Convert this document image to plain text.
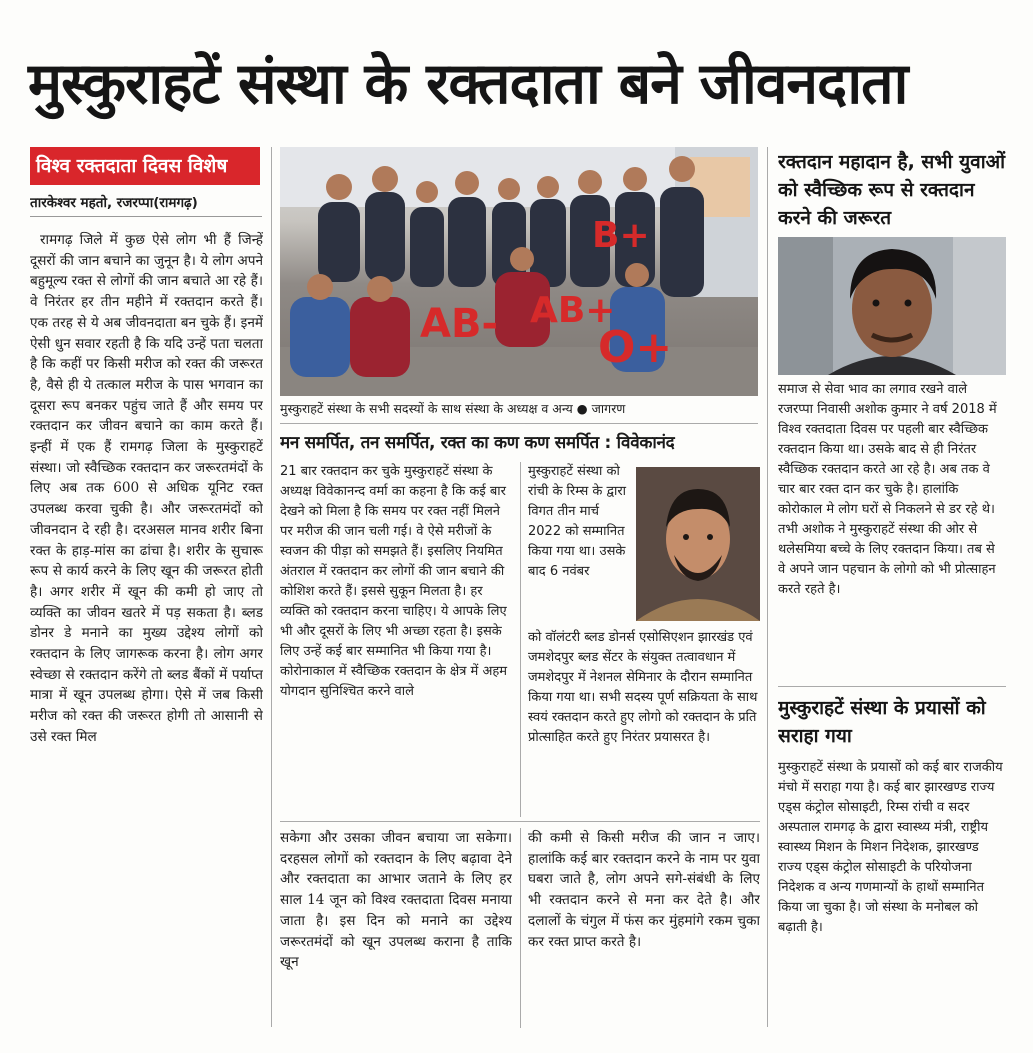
मुस्कुराहटें संस्था के रक्तदाता बने जीवनदाता
विश्व रक्तदाता दिवस विशेष
तारकेश्वर महतो, रजरप्पा(रामगढ़)
रामगढ़ जिले में कुछ ऐसे लोग भी हैं जिन्हें दूसरों की जान बचाने का जुनून है। ये लोग अपने बहुमूल्य रक्त से लोगों की जान बचाते आ रहे हैं। वे निरंतर हर तीन महीने में रक्तदान करते हैं। एक तरह से ये अब जीवनदाता बन चुके हैं। इनमें ऐसी धुन सवार रहती है कि यदि उन्हें पता चलता है कि कहीं पर किसी मरीज को रक्त की जरूरत है, वैसे ही ये तत्काल मरीज के पास भगवान का दूसरा रूप बनकर पहुंच जाते हैं और समय पर रक्तदान कर जीवन बचाने का काम करते हैं। इन्हीं में एक हैं रामगढ़ जिला के मुस्कुराहटें संस्था। जो स्वैच्छिक रक्तदान कर जरूरतमंदों के लिए अब तक 600 से अधिक यूनिट रक्त उपलब्ध करवा चुकी है। और जरूरतमंदों को जीवनदान दे रही है। दरअसल मानव शरीर बिना रक्त के हाड़-मांस का ढांचा है। शरीर के सुचारू रूप से कार्य करने के लिए खून की जरूरत होती है। अगर शरीर में खून की कमी हो जाए तो व्यक्ति का जीवन खतरे में पड़ सकता है। ब्लड डोनर डे मनाने का मुख्य उद्देश्य लोगों को रक्तदान के लिए जागरूक करना है। लोग अगर स्वेच्छा से रक्तदान करेंगे तो ब्लड बैंकों में पर्याप्त मात्रा में खून उपलब्ध होगा। ऐसे में जब किसी मरीज को रक्त की जरूरत होगी तो आसानी से उसे रक्त मिल
AB- AB+
O+
B+
मुस्कुराहटें संस्था के सभी सदस्यों के साथ संस्था के अध्यक्ष व अन्य ● जागरण
मन समर्पित, तन समर्पित, रक्त का कण कण समर्पित : विवेकानंद
21 बार रक्तदान कर चुके मुस्कुराहटें संस्था के अध्यक्ष विवेकानन्द वर्मा का कहना है कि कई बार देखने को मिला है कि समय पर रक्त नहीं मिलने पर मरीज की जान चली गई। वे ऐसे मरीजों के स्वजन की पीड़ा को समझते हैं। इसलिए नियमित अंतराल में रक्तदान कर लोगों की जान बचाने की कोशिश करते हैं। इससे सुकून मिलता है। हर व्यक्ति को रक्तदान करना चाहिए। ये आपके लिए भी और दूसरों के लिए भी अच्छा रहता है। इसके लिए उन्हें कई बार सम्मानित भी किया गया है। कोरोनाकाल में स्वैच्छिक रक्तदान के क्षेत्र में अहम योगदान सुनिश्चित करने वाले
मुस्कुराहटें संस्था को रांची के रिम्स के द्वारा विगत तीन मार्च 2022 को सम्मानित किया गया था। उसके बाद 6 नवंबर
को वॉलंटरी ब्लड डोनर्स एसोसिएशन झारखंड एवं जमशेदपुर ब्लड सेंटर के संयुक्त तत्वावधान में जमशेदपुर में नेशनल सेमिनार के दौरान सम्मानित किया गया था। सभी सदस्य पूर्ण सक्रियता के साथ स्वयं रक्तदान करते हुए लोगो को रक्तदान के प्रति प्रोत्साहित करते हुए निरंतर प्रयासरत है।
सकेगा और उसका जीवन बचाया जा सकेगा। दरहसल लोगों को रक्तदान के लिए बढ़ावा देने और रक्तदाता का आभार जताने के लिए हर साल 14 जून को विश्व रक्तदाता दिवस मनाया जाता है। इस दिन को मनाने का उद्देश्य जरूरतमंदों को खून उपलब्ध कराना है ताकि खून
की कमी से किसी मरीज की जान न जाए। हालांकि कई बार रक्तदान करने के नाम पर युवा घबरा जाते है, लोग अपने सगे-संबंधी के लिए भी रक्तदान करने से मना कर देते है। और दलालों के चंगुल में फंस कर मुंहमांगे रकम चुका कर रक्त प्राप्त करते है।
रक्तदान महादान है, सभी युवाओं को स्वैच्छिक रूप से रक्तदान करने की जरूरत
समाज से सेवा भाव का लगाव रखने वाले रजरप्पा निवासी अशोक कुमार ने वर्ष 2018 में विश्व रक्तदाता दिवस पर पहली बार स्वैच्छिक रक्तदान किया था। उसके बाद से ही निरंतर स्वैच्छिक रक्तदान करते आ रहे है। अब तक वे चार बार रक्त दान कर चुके है। हालांकि कोरोकाल मे लोग घरों से निकलने से डर रहे थे। तभी अशोक ने मुस्कुराहटें संस्था की ओर से थलेसमिया बच्चे के लिए रक्तदान किया। तब से वे अपने जान पहचान के लोगो को भी प्रोत्साहन करते रहते है।
मुस्कुराहटें संस्था के प्रयासों को सराहा गया
मुस्कुराहटें संस्था के प्रयासों को कई बार राजकीय मंचो में सराहा गया है। कई बार झारखण्ड राज्य एड्स कंट्रोल सोसाइटी, रिम्स रांची व सदर अस्पताल रामगढ़ के द्वारा स्वास्थ्य मंत्री, राष्ट्रीय स्वास्थ्य मिशन के मिशन निदेशक, झारखण्ड राज्य एड्स कंट्रोल सोसाइटी के परियोजना निदेशक व अन्य गणमान्यों के हाथों सम्मानित किया जा चुका है। जो संस्था के मनोबल को बढ़ाती है।
